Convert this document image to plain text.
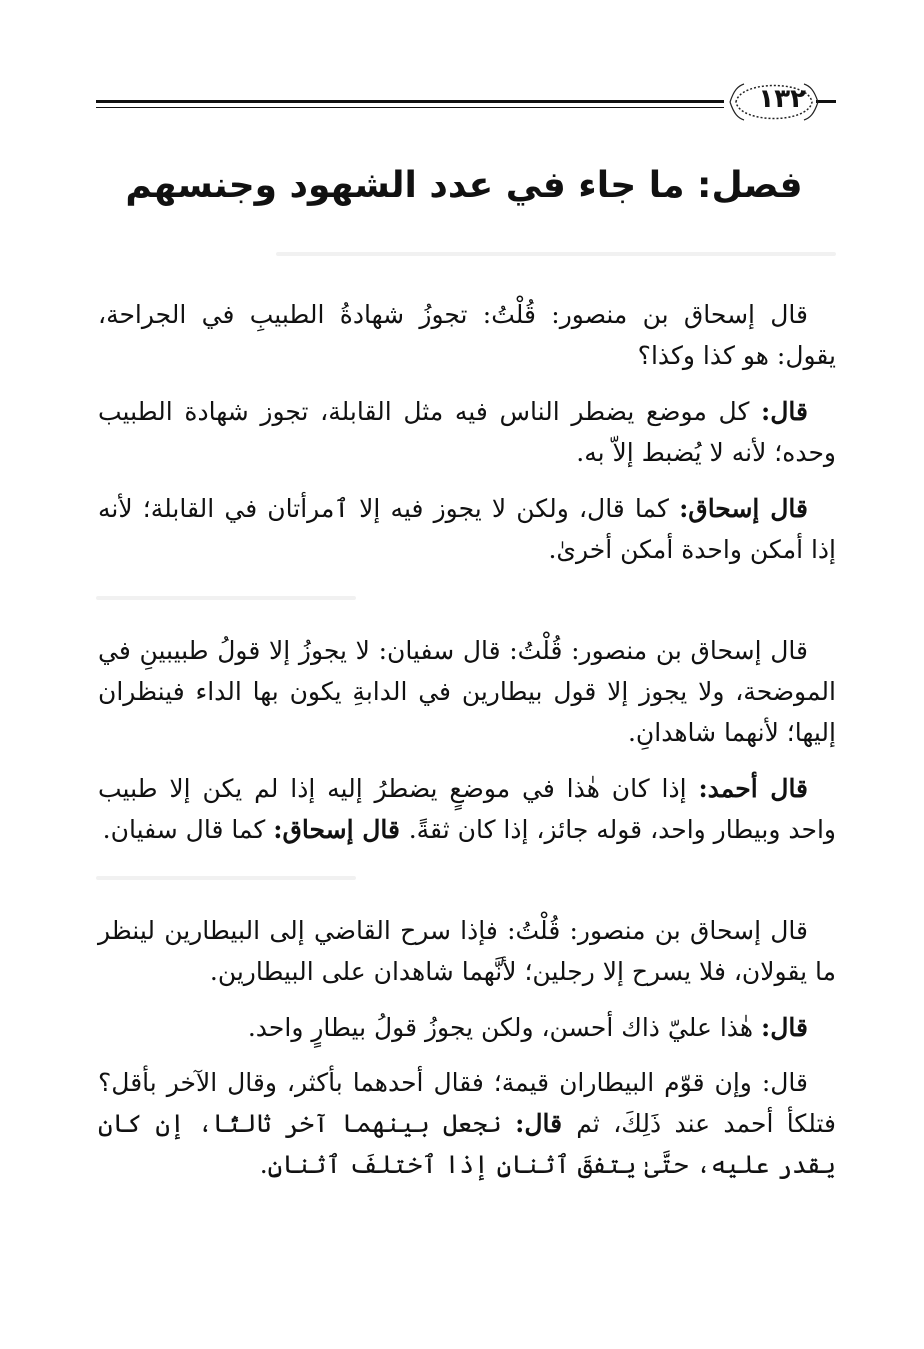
١٣٢
فصل: ما جاء في عدد الشهود وجنسهم

قال إسحاق بن منصور: قُلْتُ: تجوزُ شهادةُ الطبيبِ في الجراحة، يقول: هو كذا وكذا؟

قال: كل موضع يضطر الناس فيه مثل القابلة، تجوز شهادة الطبيب وحده؛ لأنه لا يُضبط إلاّ به.

قال إسحاق: كما قال، ولكن لا يجوز فيه إلا ٱمرأتان في القابلة؛ لأنه إذا أمكن واحدة أمكن أخرىٰ.

قال إسحاق بن منصور: قُلْتُ: قال سفيان: لا يجوزُ إلا قولُ طبيبينِ في الموضحة، ولا يجوز إلا قول بيطارين في الدابةِ يكون بها الداء فينظران إليها؛ لأنهما شاهدانِ.

قال أحمد: إذا كان هٰذا في موضعٍ يضطرُ إليه إذا لم يكن إلا طبيب واحد وبيطار واحد، قوله جائز، إذا كان ثقةً. قال إسحاق: كما قال سفيان.

قال إسحاق بن منصور: قُلْتُ: فإذا سرح القاضي إلى البيطارين لينظر ما يقولان، فلا يسرح إلا رجلين؛ لأنَّهما شاهدان على البيطارين.

قال: هٰذا عليّ ذاك أحسن، ولكن يجوزُ قولُ بيطارٍ واحد.

قال: وإن قوّم البيطاران قيمة؛ فقال أحدهما بأكثر، وقال الآخر بأقل؟ فتلكأ أحمد عند ذَلِكَ، ثم قال: نجعل بينهما آخر ثالثًا، إن كان يقدر عليه، حتَّىٰ يتفقَ ٱثنانِ إذا ٱختلفَ ٱثنانِ.
